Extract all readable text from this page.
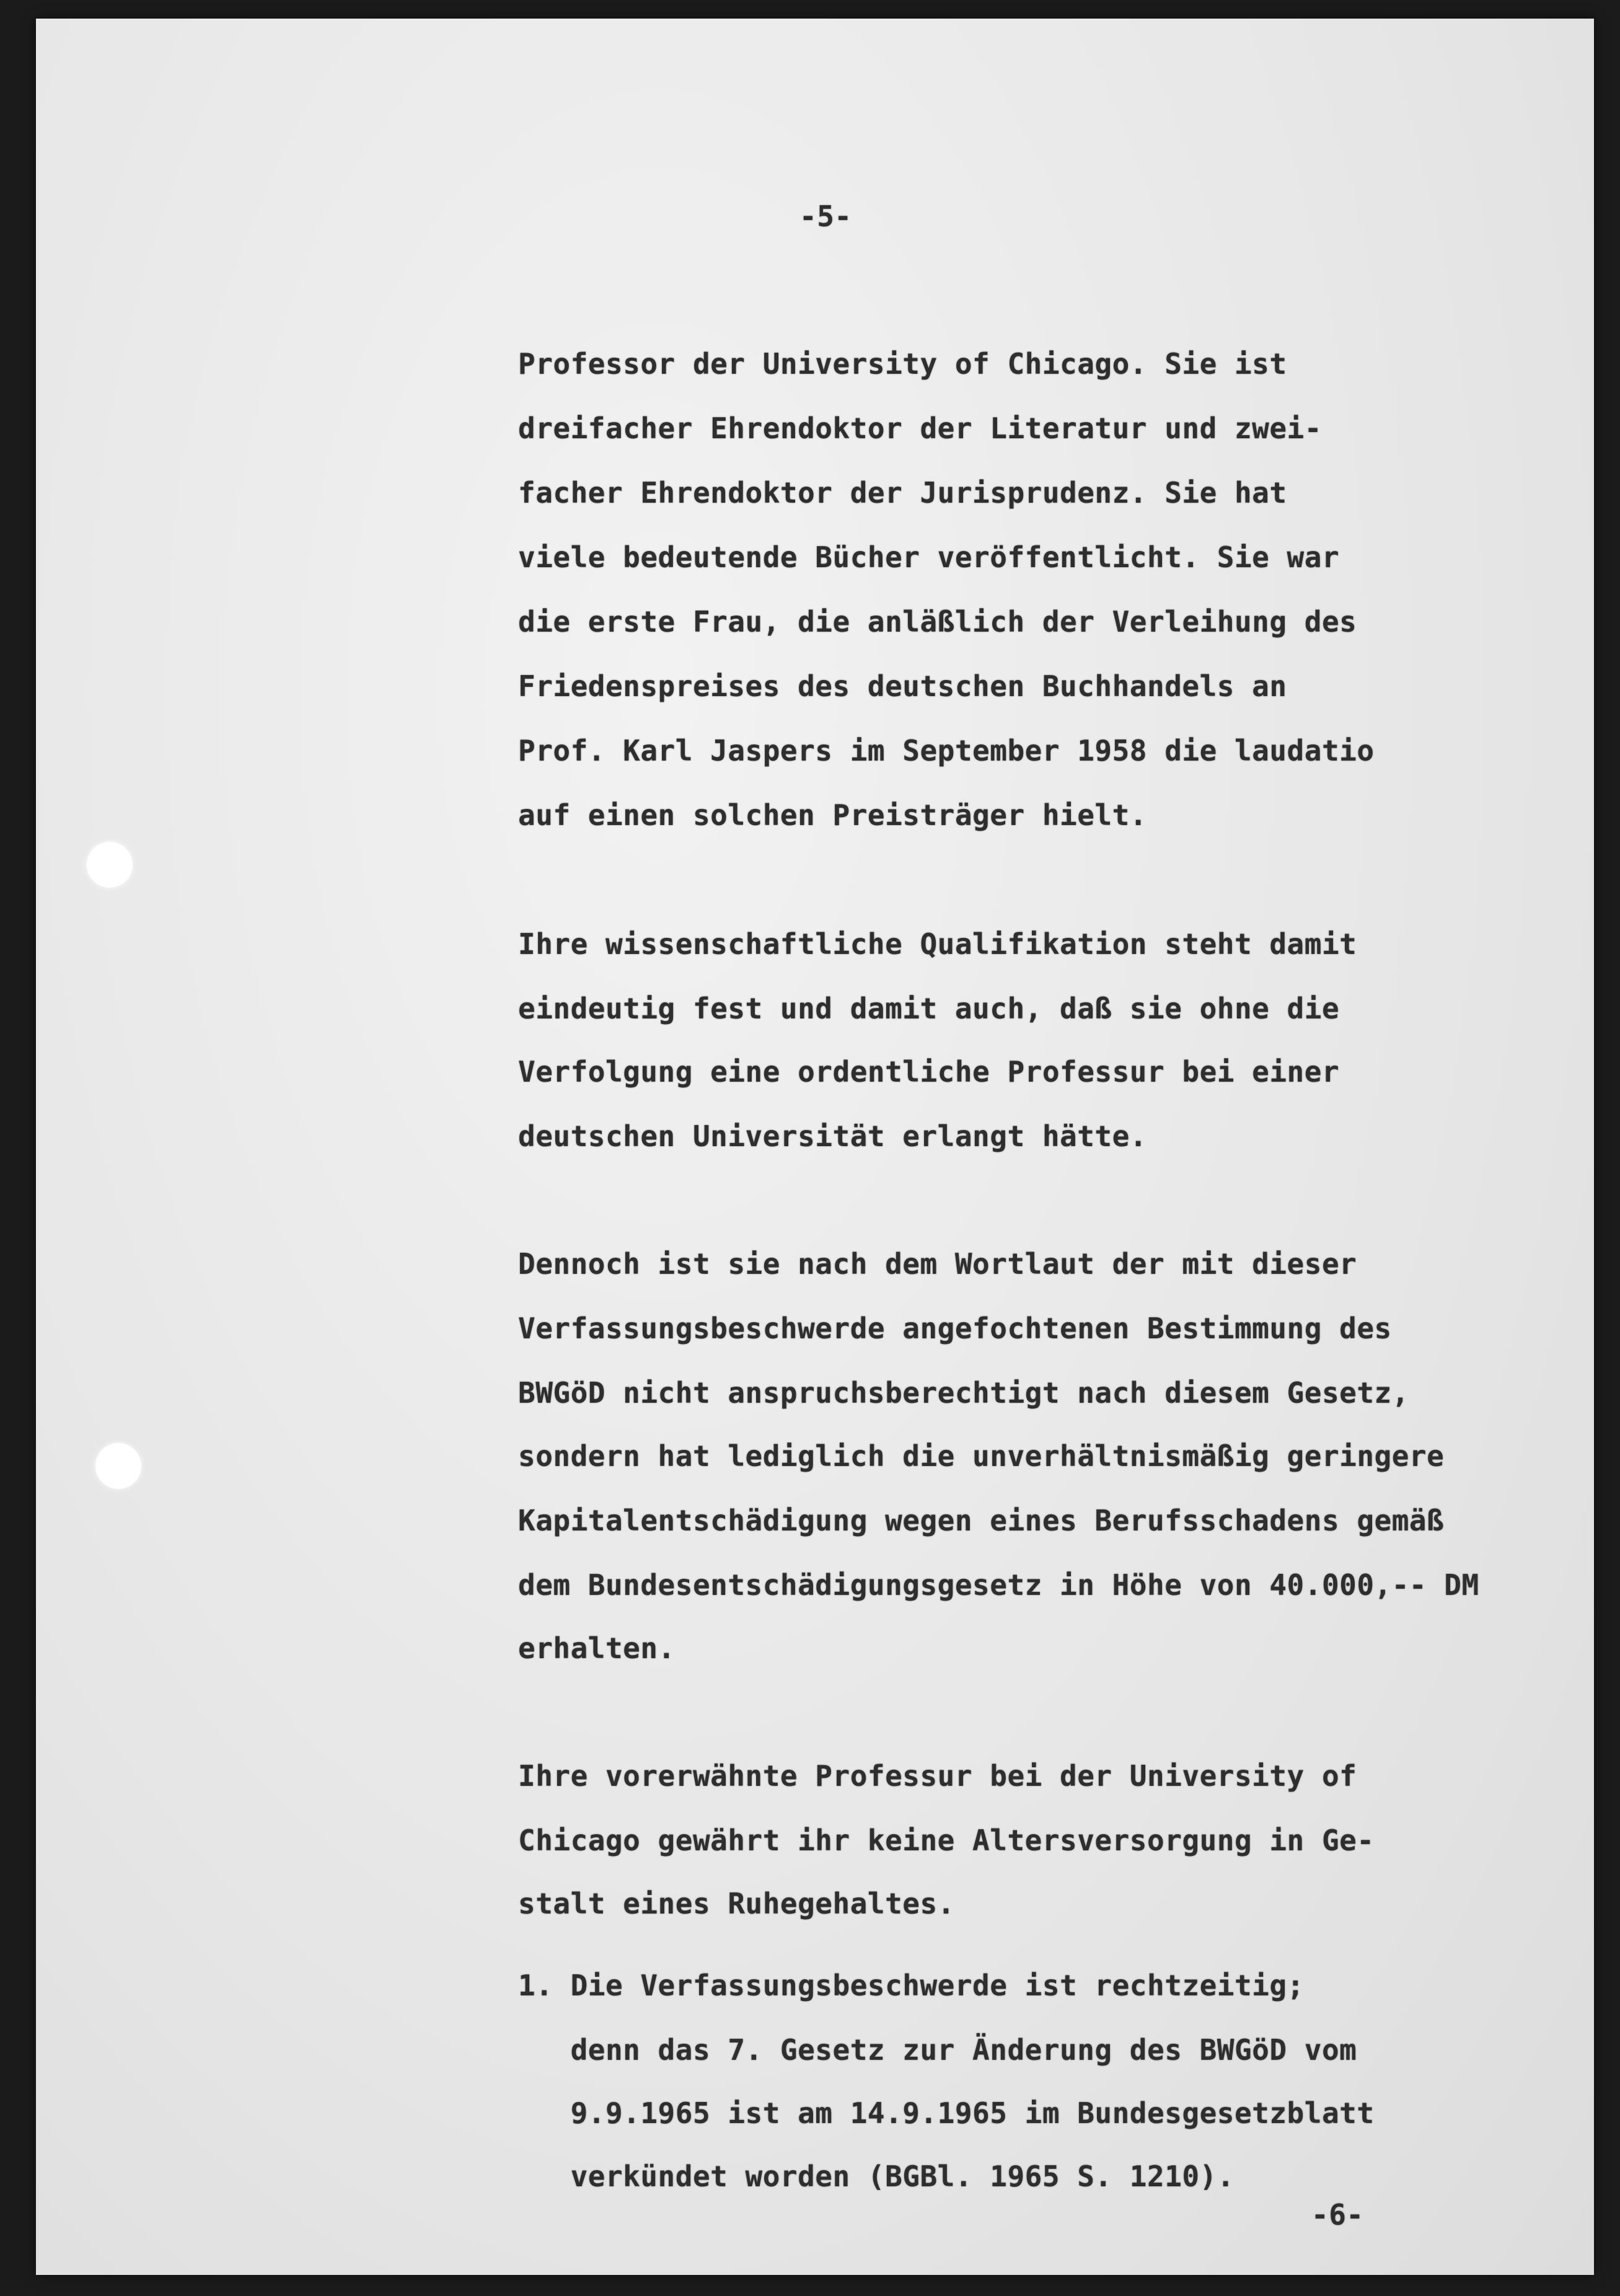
-5-
Professor der University of Chicago. Sie ist
dreifacher Ehrendoktor der Literatur und zwei-
facher Ehrendoktor der Jurisprudenz. Sie hat
viele bedeutende Bücher veröffentlicht. Sie war
die erste Frau, die anläßlich der Verleihung des
Friedenspreises des deutschen Buchhandels an
Prof. Karl Jaspers im September 1958 die laudatio
auf einen solchen Preisträger hielt.
Ihre wissenschaftliche Qualifikation steht damit
eindeutig fest und damit auch, daß sie ohne die
Verfolgung eine ordentliche Professur bei einer
deutschen Universität erlangt hätte.
Dennoch ist sie nach dem Wortlaut der mit dieser
Verfassungsbeschwerde angefochtenen Bestimmung des
BWGöD nicht anspruchsberechtigt nach diesem Gesetz,
sondern hat lediglich die unverhältnismäßig geringere
Kapitalentschädigung wegen eines Berufsschadens gemäß
dem Bundesentschädigungsgesetz in Höhe von 40.000,-- DM
erhalten.
Ihre vorerwähnte Professur bei der University of
Chicago gewährt ihr keine Altersversorgung in Ge-
stalt eines Ruhegehaltes.
1. Die Verfassungsbeschwerde ist rechtzeitig;
denn das 7. Gesetz zur Änderung des BWGöD vom
9.9.1965 ist am 14.9.1965 im Bundesgesetzblatt
verkündet worden (BGBl. 1965 S. 1210).
-6-
